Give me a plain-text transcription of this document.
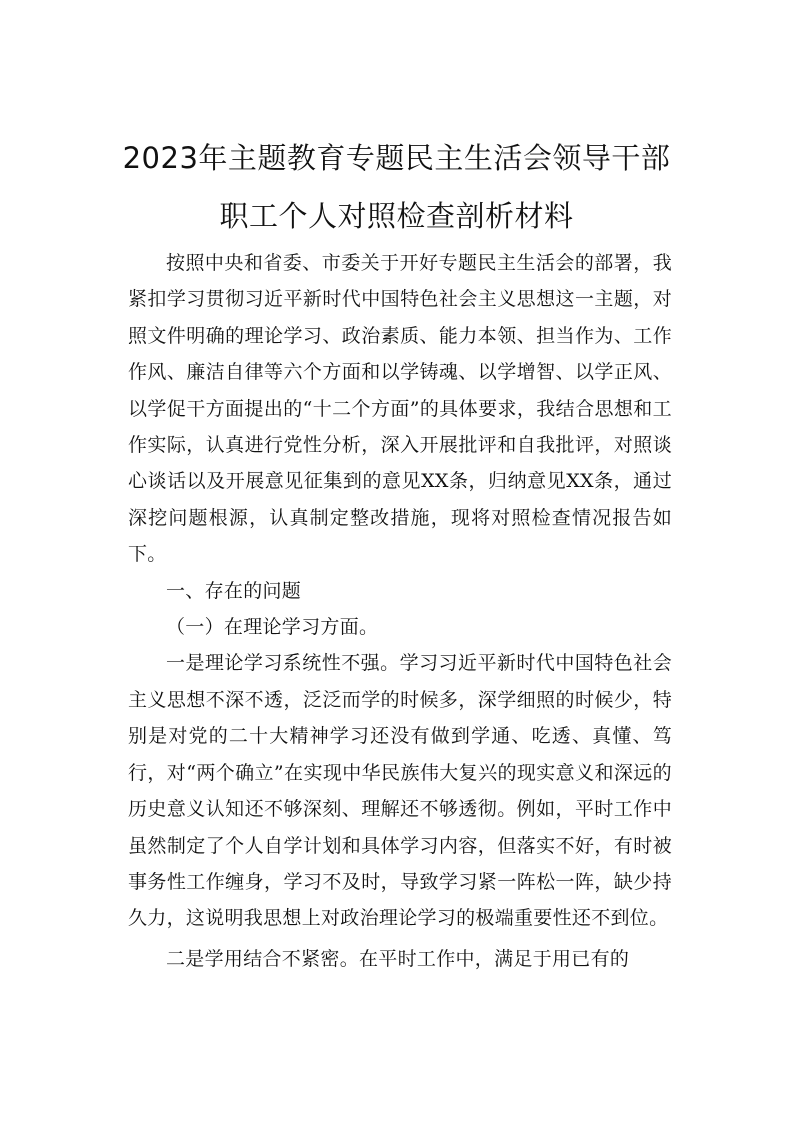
2023年主题教育专题民主生活会领导干部
职工个人对照检查剖析材料

按照中央和省委、市委关于开好专题民主生活会的部署，我紧扣学习贯彻习近平新时代中国特色社会主义思想这一主题，对照文件明确的理论学习、政治素质、能力本领、担当作为、工作作风、廉洁自律等六个方面和以学铸魂、以学增智、以学正风、以学促干方面提出的“十二个方面”的具体要求，我结合思想和工作实际，认真进行党性分析，深入开展批评和自我批评，对照谈心谈话以及开展意见征集到的意见XX条，归纳意见XX条，通过深挖问题根源，认真制定整改措施，现将对照检查情况报告如下。

一、存在的问题

（一）在理论学习方面。

一是理论学习系统性不强。学习习近平新时代中国特色社会主义思想不深不透，泛泛而学的时候多，深学细照的时候少，特别是对党的二十大精神学习还没有做到学通、吃透、真懂、笃行，对“两个确立”在实现中华民族伟大复兴的现实意义和深远的历史意义认知还不够深刻、理解还不够透彻。例如，平时工作中虽然制定了个人自学计划和具体学习内容，但落实不好，有时被事务性工作缠身，学习不及时，导致学习紧一阵松一阵，缺少持久力，这说明我思想上对政治理论学习的极端重要性还不到位。

二是学用结合不紧密。在平时工作中，满足于用已有的
